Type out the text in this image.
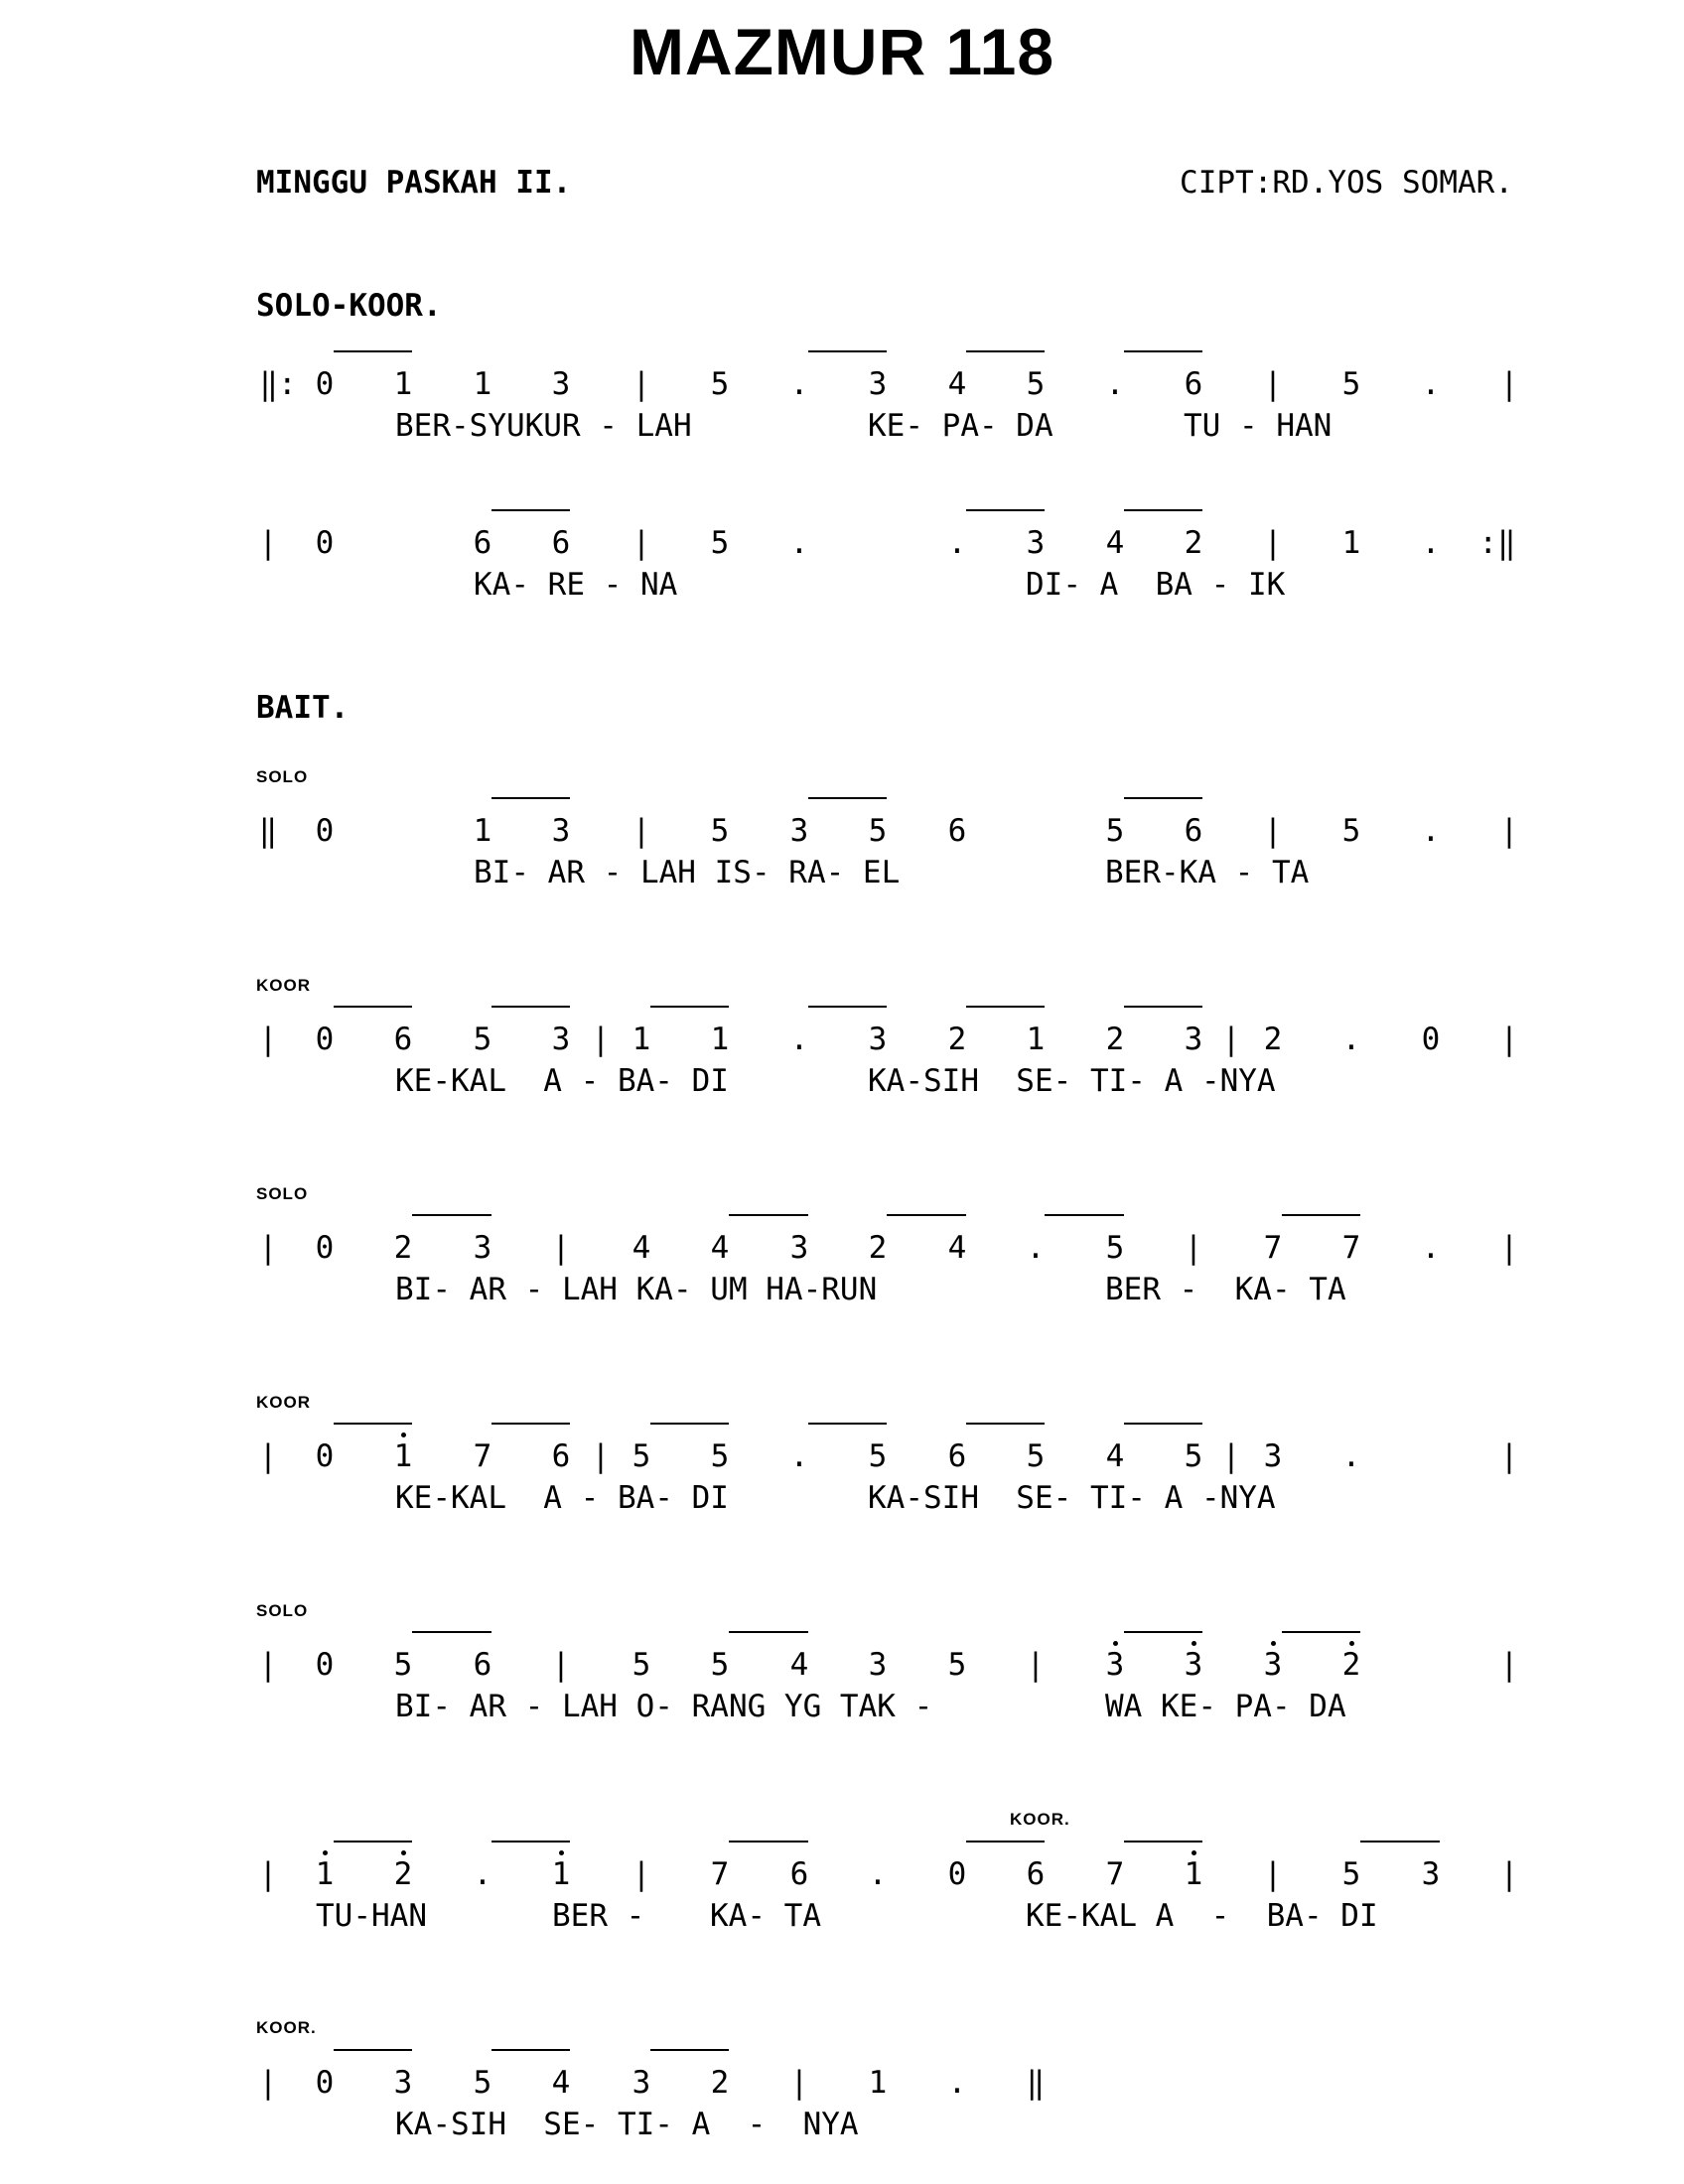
MAZMUR 118
MINGGU PASKAH II.	CIPT:RD.YOS SOMAR.
SOLO-KOOR.
BAIT.
‖: 0 1 1 3 | 5 . 3 4 5 . 6 | 5 . |
BER-SYUKUR - LAH	KE- PA- DA	TU - HAN
| 0	6 6 | 5 .	. 3 4 2 | 1 . :‖
KA- RE - NA	DI- A  BA - IK
SOLO
‖ 0	1 3 | 5 3 5 6	5 6 | 5 . |
BI- AR - LAH IS- RA- EL	BER-KA - TA
KOOR
| 0 6 5 3 | 1 1 . 3 2 1 2 3 | 2 . 0 |
KE-KAL  A - BA- DI	KA-SIH  SE- TI- A -NYA
SOLO
| 0 2 3 | 4 4 3 2 4 . 5 | 7 7 . |
BI- AR - LAH KA- UM HA-RUN	BER -  KA- TA
KOOR
| 0 1 7 6 | 5 5 . 5 6 5 4 5 | 3 .	|
KE-KAL  A - BA- DI	KA-SIH  SE- TI- A -NYA
SOLO
| 0 5 6 | 5 5 4 3 5 | 3 3 3 2	|
BI- AR - LAH O- RANG YG TAK -	WA KE- PA- DA
KOOR.
| 1 2 . 1 | 7 6 . 0 6 7 1 | 5 3 |
TU-HAN	BER - KA- TA	KE-KAL A  -  BA- DI
KOOR.
| 0 3 5 4 3 2 | 1 . ‖
KA-SIH  SE- TI- A  -  NYA
